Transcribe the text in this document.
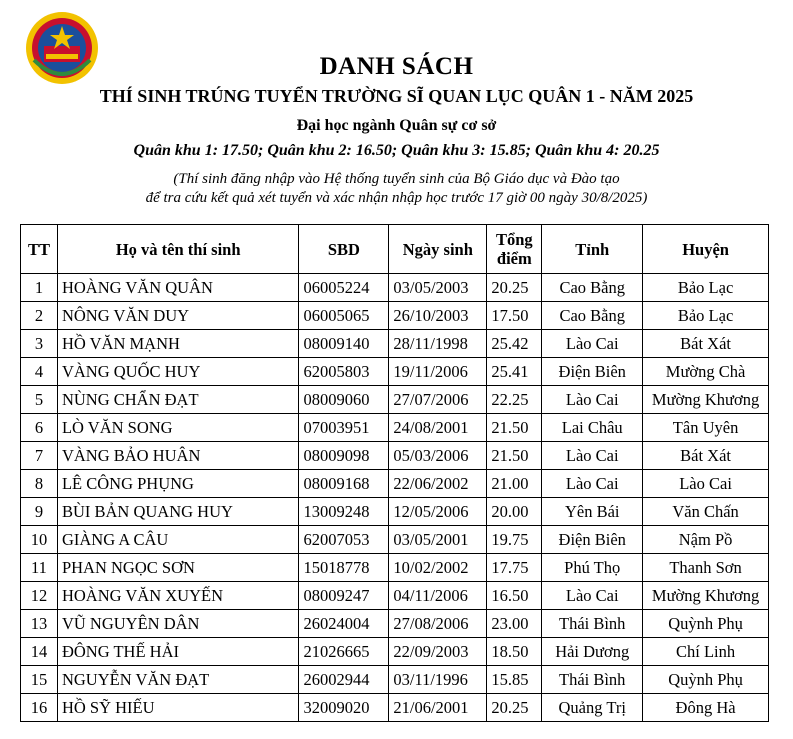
DANH SÁCH
THÍ SINH TRÚNG TUYỂN TRƯỜNG SĨ QUAN LỤC QUÂN 1 - NĂM 2025
Đại học ngành Quân sự cơ sở
Quân khu 1: 17.50; Quân khu 2: 16.50; Quân khu 3: 15.85; Quân khu 4: 20.25
(Thí sinh đăng nhập vào Hệ thống tuyển sinh của Bộ Giáo dục và Đào tạo
để tra cứu kết quả xét tuyển và xác nhận nhập học trước 17 giờ 00 ngày 30/8/2025)
TT	Họ và tên thí sinh	SBD	Ngày sinh	Tổng điểm	Tỉnh	Huyện
1	HOÀNG VĂN QUÂN	06005224	03/05/2003	20.25	Cao Bằng	Bảo Lạc
2	NÔNG VĂN DUY	06005065	26/10/2003	17.50	Cao Bằng	Bảo Lạc
3	HỒ VĂN MẠNH	08009140	28/11/1998	25.42	Lào Cai	Bát Xát
4	VÀNG QUỐC HUY	62005803	19/11/2006	25.41	Điện Biên	Mường Chà
5	NÙNG CHẨN ĐẠT	08009060	27/07/2006	22.25	Lào Cai	Mường Khương
6	LÒ VĂN SONG	07003951	24/08/2001	21.50	Lai Châu	Tân Uyên
7	VÀNG BẢO HUÂN	08009098	05/03/2006	21.50	Lào Cai	Bát Xát
8	LÊ CÔNG PHỤNG	08009168	22/06/2002	21.00	Lào Cai	Lào Cai
9	BÙI BẢN QUANG HUY	13009248	12/05/2006	20.00	Yên Bái	Văn Chấn
10	GIÀNG A CÂU	62007053	03/05/2001	19.75	Điện Biên	Nậm Pồ
11	PHAN NGỌC SƠN	15018778	10/02/2002	17.75	Phú Thọ	Thanh Sơn
12	HOÀNG VĂN XUYẾN	08009247	04/11/2006	16.50	Lào Cai	Mường Khương
13	VŨ NGUYÊN DÂN	26024004	27/08/2006	23.00	Thái Bình	Quỳnh Phụ
14	ĐÔNG THẾ HẢI	21026665	22/09/2003	18.50	Hải Dương	Chí Linh
15	NGUYỄN VĂN ĐẠT	26002944	03/11/1996	15.85	Thái Bình	Quỳnh Phụ
16	HỒ SỸ HIẾU	32009020	21/06/2001	20.25	Quảng Trị	Đông Hà
